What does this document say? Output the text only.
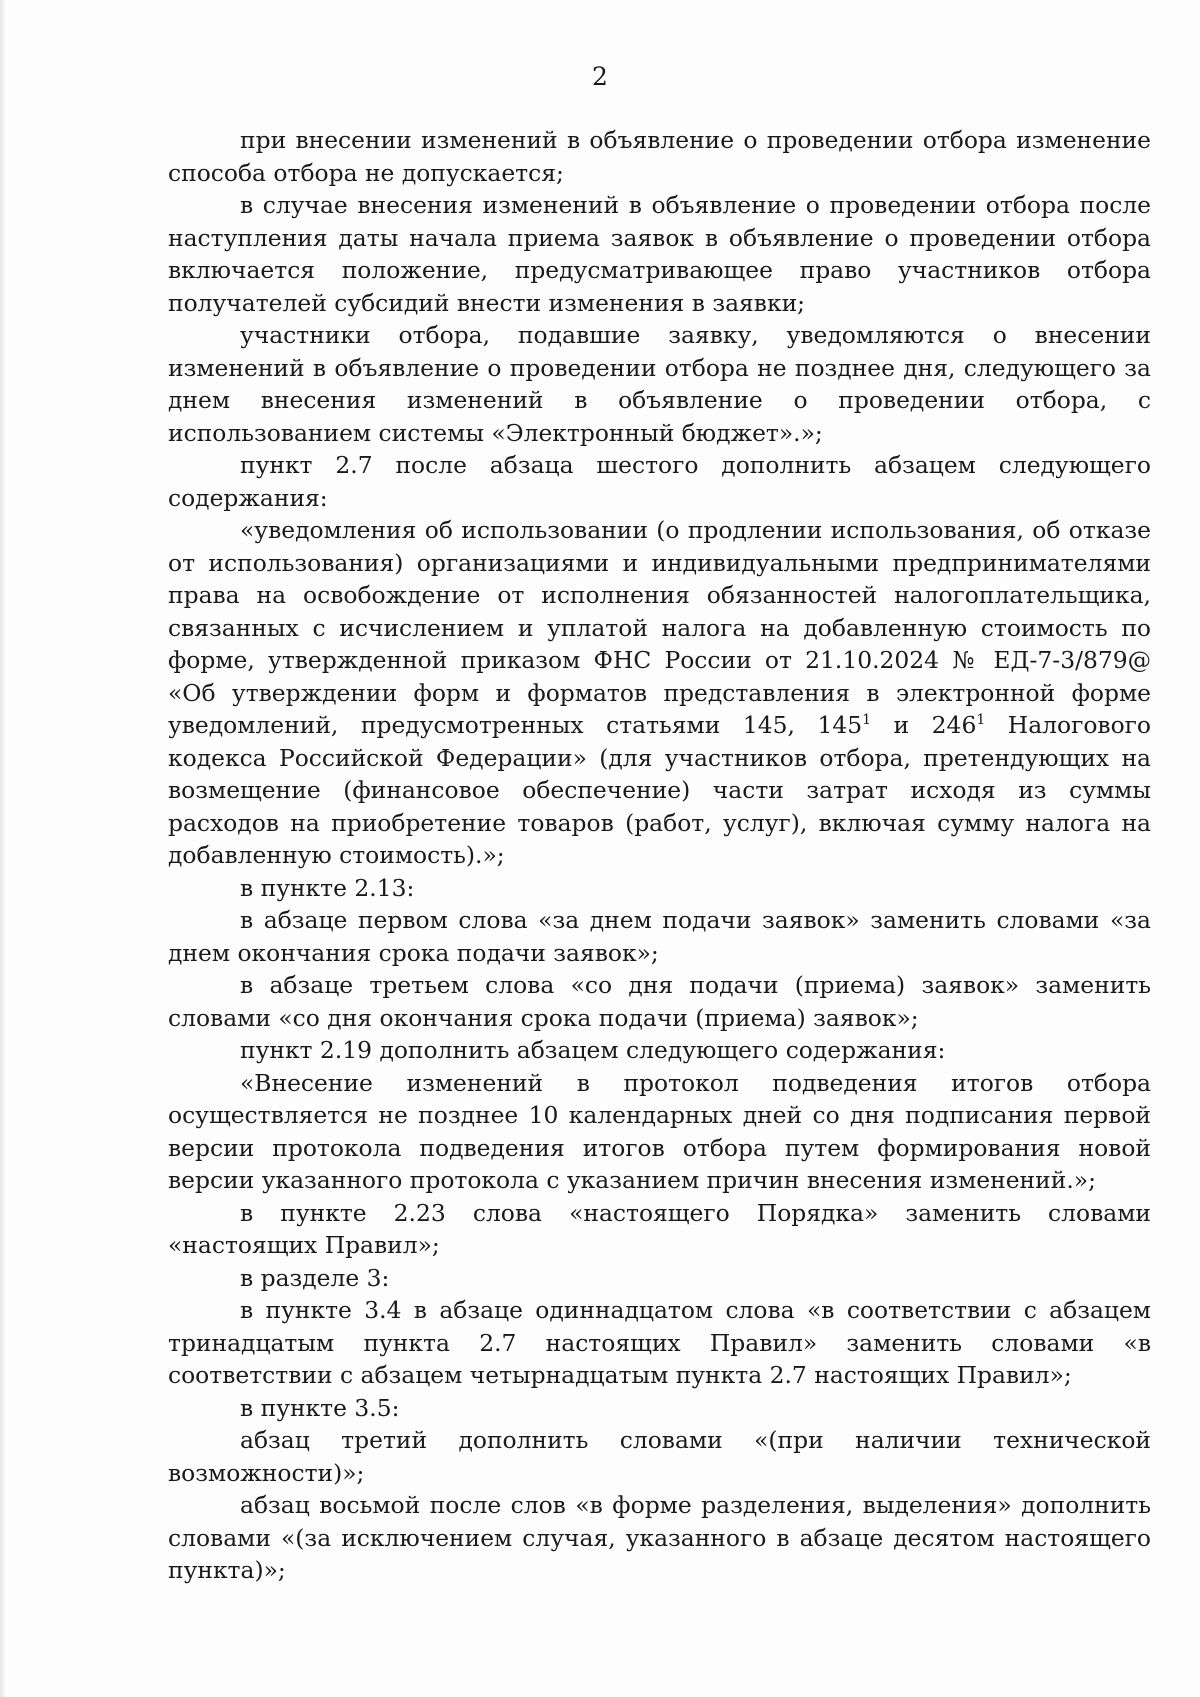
2

при внесении изменений в объявление о проведении отбора изменение способа отбора не допускается;

в случае внесения изменений в объявление о проведении отбора после наступления даты начала приема заявок в объявление о проведении отбора включается положение, предусматривающее право участников отбора получателей субсидий внести изменения в заявки;

участники отбора, подавшие заявку, уведомляются о внесении изменений в объявление о проведении отбора не позднее дня, следующего за днем внесения изменений в объявление о проведении отбора, с использованием системы «Электронный бюджет».»;

пункт 2.7 после абзаца шестого дополнить абзацем следующего содержания:

«уведомления об использовании (о продлении использования, об отказе от использования) организациями и индивидуальными предпринимателями права на освобождение от исполнения обязанностей налогоплательщика, связанных с исчислением и уплатой налога на добавленную стоимость по форме, утвержденной приказом ФНС России от 21.10.2024 № ЕД-7-3/879@ «Об утверждении форм и форматов представления в электронной форме уведомлений, предусмотренных статьями 145, $145^1$ и $246^1$ Налогового кодекса Российской Федерации» (для участников отбора, претендующих на возмещение (финансовое обеспечение) части затрат исходя из суммы расходов на приобретение товаров (работ, услуг), включая сумму налога на добавленную стоимость).»;

в пункте 2.13:

в абзаце первом слова «за днем подачи заявок» заменить словами «за днем окончания срока подачи заявок»;

в абзаце третьем слова «со дня подачи (приема) заявок» заменить словами «со дня окончания срока подачи (приема) заявок»;

пункт 2.19 дополнить абзацем следующего содержания:

«Внесение изменений в протокол подведения итогов отбора осуществляется не позднее 10 календарных дней со дня подписания первой версии протокола подведения итогов отбора путем формирования новой версии указанного протокола с указанием причин внесения изменений.»;

в пункте 2.23 слова «настоящего Порядка» заменить словами «настоящих Правил»;

в разделе 3:

в пункте 3.4 в абзаце одиннадцатом слова «в соответствии с абзацем тринадцатым пункта 2.7 настоящих Правил» заменить словами «в соответствии с абзацем четырнадцатым пункта 2.7 настоящих Правил»;

в пункте 3.5:

абзац третий дополнить словами «(при наличии технической возможности)»;

абзац восьмой после слов «в форме разделения, выделения» дополнить словами «(за исключением случая, указанного в абзаце десятом настоящего пункта)»;
